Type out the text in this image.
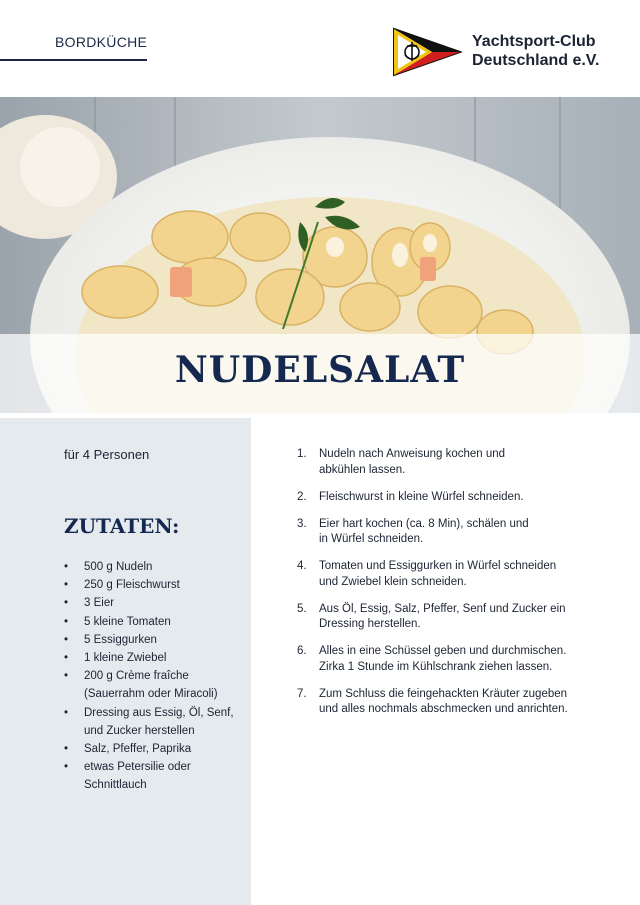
BORDKÜCHE	Yachtsport-Club
Deutschland e.V.
NUDELSALAT
für 4 Personen
ZUTATEN:
• 500 g Nudeln
• 250 g Fleischwurst
• 3 Eier
• 5 kleine Tomaten
• 5 Essiggurken
• 1 kleine Zwiebel
• 200 g Crème fraîche
(Sauerrahm oder Miracoli)
• Dressing aus Essig, Öl, Senf,
und Zucker herstellen
• Salz, Pfeffer, Paprika
• etwas Petersilie oder
Schnittlauch
1. Nudeln nach Anweisung kochen und
abkühlen lassen.
2. Fleischwurst in kleine Würfel schneiden.
3. Eier hart kochen (ca. 8 Min), schälen und
in Würfel schneiden.
4. Tomaten und Essiggurken in Würfel schneiden
und Zwiebel klein schneiden.
5. Aus Öl, Essig, Salz, Pfeffer, Senf und Zucker ein
Dressing herstellen.
6. Alles in eine Schüssel geben und durchmischen.
Zirka 1 Stunde im Kühlschrank ziehen lassen.
7. Zum Schluss die feingehackten Kräuter zugeben
und alles nochmals abschmecken und anrichten.
